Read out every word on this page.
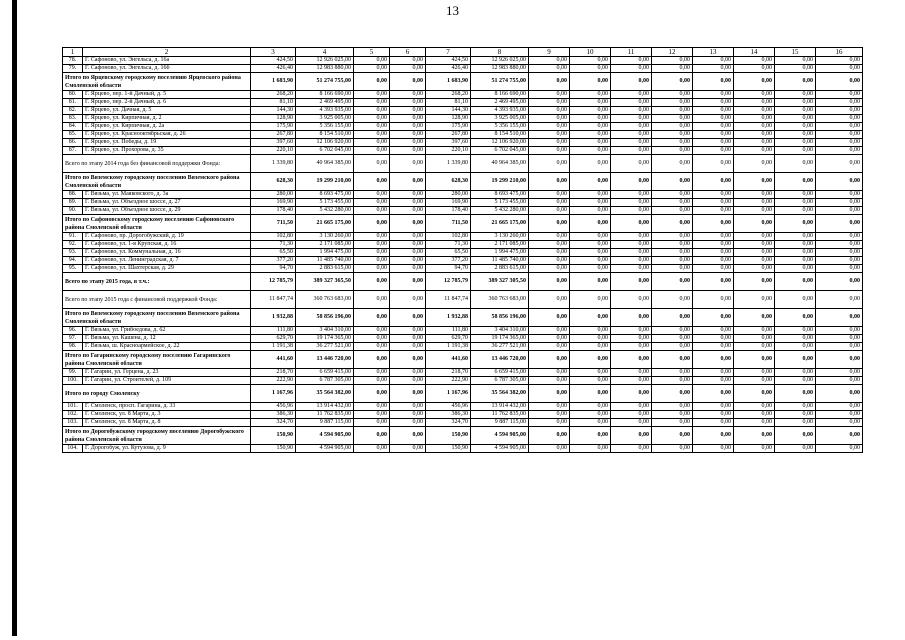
13
1	2	3	4	5	6	7	8	9	10	11	12	13	14	15	16
78.	Г. Сафоново, ул. Энгельса, д. 16а	424,50	12 926 025,00	0,00	0,00	424,50	12 926 025,00	0,00	0,00	0,00	0,00	0,00	0,00	0,00	0,00
79.	Г. Сафоново, ул. Энгельса, д. 16б	426,40	12 983 880,00	0,00	0,00	426,40	12 983 880,00	0,00	0,00	0,00	0,00	0,00	0,00	0,00	0,00
Итого по Ярцевскому городскому поселению Ярцевского района Смоленской области		1 683,90	51 274 755,00	0,00	0,00	1 683,90	51 274 755,00	0,00	0,00	0,00	0,00	0,00	0,00	0,00	0,00
80.	Г. Ярцево, пер. 1-й Дачный, д. 5	268,20	8 166 690,00	0,00	0,00	268,20	8 166 690,00	0,00	0,00	0,00	0,00	0,00	0,00	0,00	0,00
81.	Г. Ярцево, пер. 2-й Дачный, д. 6	81,10	2 469 495,00	0,00	0,00	81,10	2 469 495,00	0,00	0,00	0,00	0,00	0,00	0,00	0,00	0,00
82.	Г. Ярцево, ул. Дачная, д. 5	144,30	4 393 935,00	0,00	0,00	144,30	4 393 935,00	0,00	0,00	0,00	0,00	0,00	0,00	0,00	0,00
83.	Г. Ярцево, ул. Кирпичная, д. 2	128,90	3 925 005,00	0,00	0,00	128,90	3 925 005,00	0,00	0,00	0,00	0,00	0,00	0,00	0,00	0,00
84.	Г. Ярцево, ул. Кирпичная, д. 2а	175,90	5 356 155,00	0,00	0,00	175,90	5 356 155,00	0,00	0,00	0,00	0,00	0,00	0,00	0,00	0,00
85.	Г. Ярцево, ул. Краснооктябрьская, д. 26	267,80	8 154 510,00	0,00	0,00	267,80	8 154 510,00	0,00	0,00	0,00	0,00	0,00	0,00	0,00	0,00
86.	Г. Ярцево, ул. Победы, д. 19	397,60	12 106 920,00	0,00	0,00	397,60	12 106 920,00	0,00	0,00	0,00	0,00	0,00	0,00	0,00	0,00
87.	Г. Ярцево, ул. Прохорова, д. 35	220,10	6 702 045,00	0,00	0,00	220,10	6 702 045,00	0,00	0,00	0,00	0,00	0,00	0,00	0,00	0,00
Всего по этапу 2014 года без финансовой поддержки Фонда:		1 339,80	40 964 385,00	0,00	0,00	1 339,80	40 964 385,00	0,00	0,00	0,00	0,00	0,00	0,00	0,00	0,00
Итого по Вяземскому городскому поселению Вяземского района Смоленской области		628,30	19 299 210,00	0,00	0,00	628,30	19 299 210,00	0,00	0,00	0,00	0,00	0,00	0,00	0,00	0,00
88.	Г. Вязьма, ул. Маяковского, д. 3а	280,00	8 693 475,00	0,00	0,00	280,00	8 693 475,00	0,00	0,00	0,00	0,00	0,00	0,00	0,00	0,00
89.	Г. Вязьма, ул. Объездное шоссе, д. 27	169,90	5 173 455,00	0,00	0,00	169,90	5 173 455,00	0,00	0,00	0,00	0,00	0,00	0,00	0,00	0,00
90.	Г. Вязьма, ул. Объездное шоссе, д. 29	178,40	5 432 280,00	0,00	0,00	178,40	5 432 280,00	0,00	0,00	0,00	0,00	0,00	0,00	0,00	0,00
Итого по Сафоновскому городскому поселению Сафоновского района Смоленской области		711,50	21 665 175,00	0,00	0,00	711,50	21 665 175,00	0,00	0,00	0,00	0,00	0,00	0,00	0,00	0,00
91.	Г. Сафоново, пр. Дорогобужский, д. 19	102,80	3 130 260,00	0,00	0,00	102,80	3 130 260,00	0,00	0,00	0,00	0,00	0,00	0,00	0,00	0,00
92.	Г. Сафоново, ул. 1-я Крупская, д. 16	71,30	2 171 085,00	0,00	0,00	71,30	2 171 085,00	0,00	0,00	0,00	0,00	0,00	0,00	0,00	0,00
93.	Г. Сафоново, ул. Коммунальная, д. 16	65,50	1 994 475,00	0,00	0,00	65,50	1 994 475,00	0,00	0,00	0,00	0,00	0,00	0,00	0,00	0,00
94.	Г. Сафоново, ул. Ленинградская, д. 7	377,20	11 485 740,00	0,00	0,00	377,20	11 485 740,00	0,00	0,00	0,00	0,00	0,00	0,00	0,00	0,00
95.	Г. Сафоново, ул. Шахтерская, д. 29	94,70	2 883 615,00	0,00	0,00	94,70	2 883 615,00	0,00	0,00	0,00	0,00	0,00	0,00	0,00	0,00
Всего по этапу 2015 года, в т.ч.:		12 785,79	389 327 365,50	0,00	0,00	12 785,79	389 327 305,50	0,00	0,00	0,00	0,00	0,00	0,00	0,00	0,00
Всего по этапу 2015 года с финансовой поддержкой Фонда:		11 847,74	360 763 683,00	0,00	0,00	11 847,74	360 763 683,00	0,00	0,00	0,00	0,00	0,00	0,00	0,00	0,00
Итого по Вяземскому городскому поселению Вяземского района Смоленской области		1 932,88	58 856 196,00	0,00	0,00	1 932,88	58 856 196,00	0,00	0,00	0,00	0,00	0,00	0,00	0,00	0,00
96.	Г. Вязьма, ул. Грибоедова, д. 62	111,80	3 404 310,00	0,00	0,00	111,80	3 404 310,00	0,00	0,00	0,00	0,00	0,00	0,00	0,00	0,00
97.	Г. Вязьма, ул. Кашена, д. 12	629,70	19 174 365,00	0,00	0,00	629,70	19 174 365,00	0,00	0,00	0,00	0,00	0,00	0,00	0,00	0,00
98.	Г. Вязьма, ш. Красноармейское, д. 22	1 191,38	36 277 521,00	0,00	0,00	1 191,38	36 277 521,00	0,00	0,00	0,00	0,00	0,00	0,00	0,00	0,00
Итого по Гагаринскому городскому поселению Гагаринского района Смоленской области		441,60	13 446 720,00	0,00	0,00	441,60	13 446 720,00	0,00	0,00	0,00	0,00	0,00	0,00	0,00	0,00
99.	Г. Гагарин, ул. Герцена, д. 23	218,70	6 659 415,00	0,00	0,00	218,70	6 659 415,00	0,00	0,00	0,00	0,00	0,00	0,00	0,00	0,00
100.	Г. Гагарин, ул. Строителей, д. 109	222,90	6 787 305,00	0,00	0,00	222,90	6 787 305,00	0,00	0,00	0,00	0,00	0,00	0,00	0,00	0,00
Итого по городу Смоленску		1 167,96	35 564 382,00	0,00	0,00	1 167,96	35 564 382,00	0,00	0,00	0,00	0,00	0,00	0,00	0,00	0,00
101.	Г. Смоленск, просп. Гагарина, д. 33	456,96	13 914 432,00	0,00	0,00	456,96	13 914 432,00	0,00	0,00	0,00	0,00	0,00	0,00	0,00	0,00
102.	Г. Смоленск, ул. 8 Марта, д. 3	386,30	11 762 835,00	0,00	0,00	386,30	11 762 835,00	0,00	0,00	0,00	0,00	0,00	0,00	0,00	0,00
103.	Г. Смоленск, ул. 8 Марта, д. 8	324,70	9 887 115,00	0,00	0,00	324,70	9 887 115,00	0,00	0,00	0,00	0,00	0,00	0,00	0,00	0,00
Итого по Дорогобужскому городскому поселению Дорогобужского района Смоленской области		150,90	4 594 905,00	0,00	0,00	150,90	4 594 905,00	0,00	0,00	0,00	0,00	0,00	0,00	0,00	0,00
104.	Г. Дорогобуж, ул. Кутузова, д. 9	150,90	4 594 905,00	0,00	0,00	150,90	4 594 905,00	0,00	0,00	0,00	0,00	0,00	0,00	0,00	0,00
